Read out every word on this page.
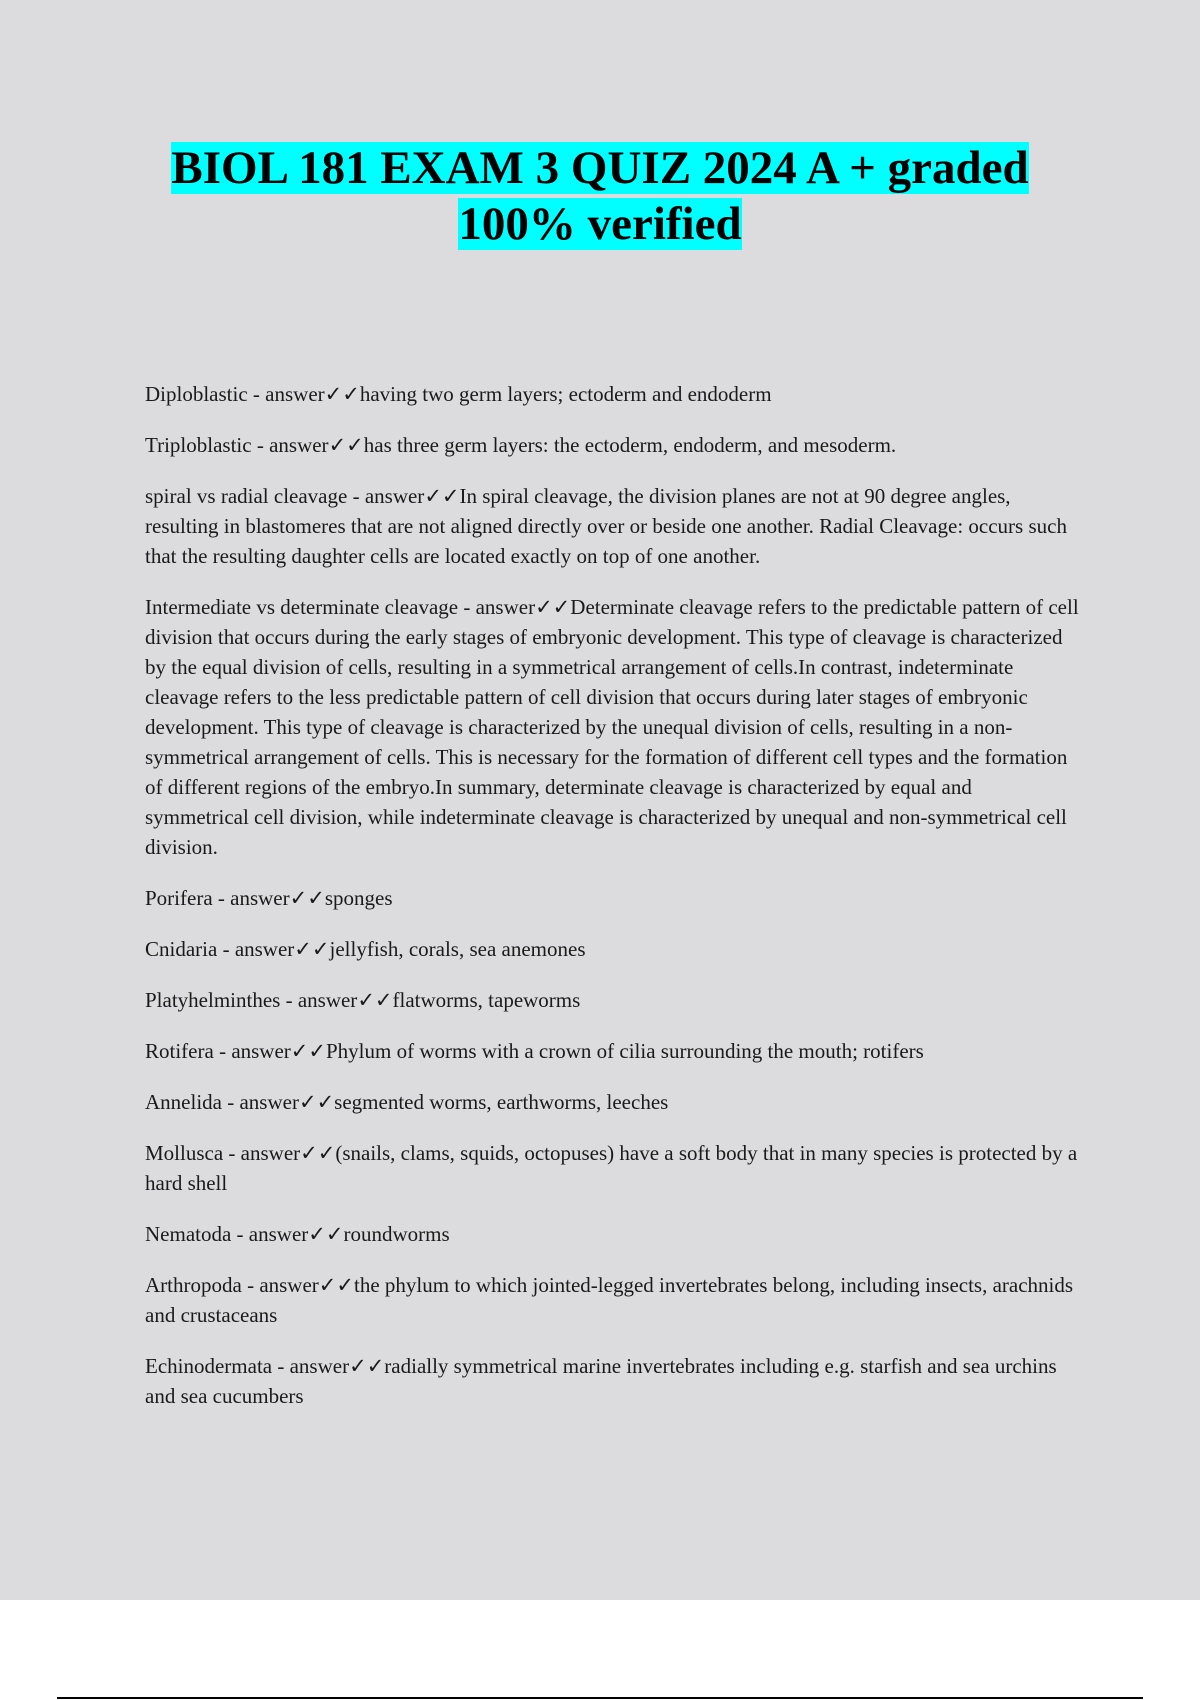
BIOL 181 EXAM 3 QUIZ 2024 A + graded 100% verified

Diploblastic - answer✓✓having two germ layers; ectoderm and endoderm

Triploblastic - answer✓✓has three germ layers: the ectoderm, endoderm, and mesoderm.

spiral vs radial cleavage - answer✓✓In spiral cleavage, the division planes are not at 90 degree angles, resulting in blastomeres that are not aligned directly over or beside one another. Radial Cleavage: occurs such that the resulting daughter cells are located exactly on top of one another.

Intermediate vs determinate cleavage - answer✓✓Determinate cleavage refers to the predictable pattern of cell division that occurs during the early stages of embryonic development. This type of cleavage is characterized by the equal division of cells, resulting in a symmetrical arrangement of cells.In contrast, indeterminate cleavage refers to the less predictable pattern of cell division that occurs during later stages of embryonic development. This type of cleavage is characterized by the unequal division of cells, resulting in a non-symmetrical arrangement of cells. This is necessary for the formation of different cell types and the formation of different regions of the embryo.In summary, determinate cleavage is characterized by equal and symmetrical cell division, while indeterminate cleavage is characterized by unequal and non-symmetrical cell division.

Porifera - answer✓✓sponges

Cnidaria - answer✓✓jellyfish, corals, sea anemones

Platyhelminthes - answer✓✓flatworms, tapeworms

Rotifera - answer✓✓Phylum of worms with a crown of cilia surrounding the mouth; rotifers

Annelida - answer✓✓segmented worms, earthworms, leeches

Mollusca - answer✓✓(snails, clams, squids, octopuses) have a soft body that in many species is protected by a hard shell

Nematoda - answer✓✓roundworms

Arthropoda - answer✓✓the phylum to which jointed-legged invertebrates belong, including insects, arachnids and crustaceans

Echinodermata - answer✓✓radially symmetrical marine invertebrates including e.g. starfish and sea urchins and sea cucumbers
